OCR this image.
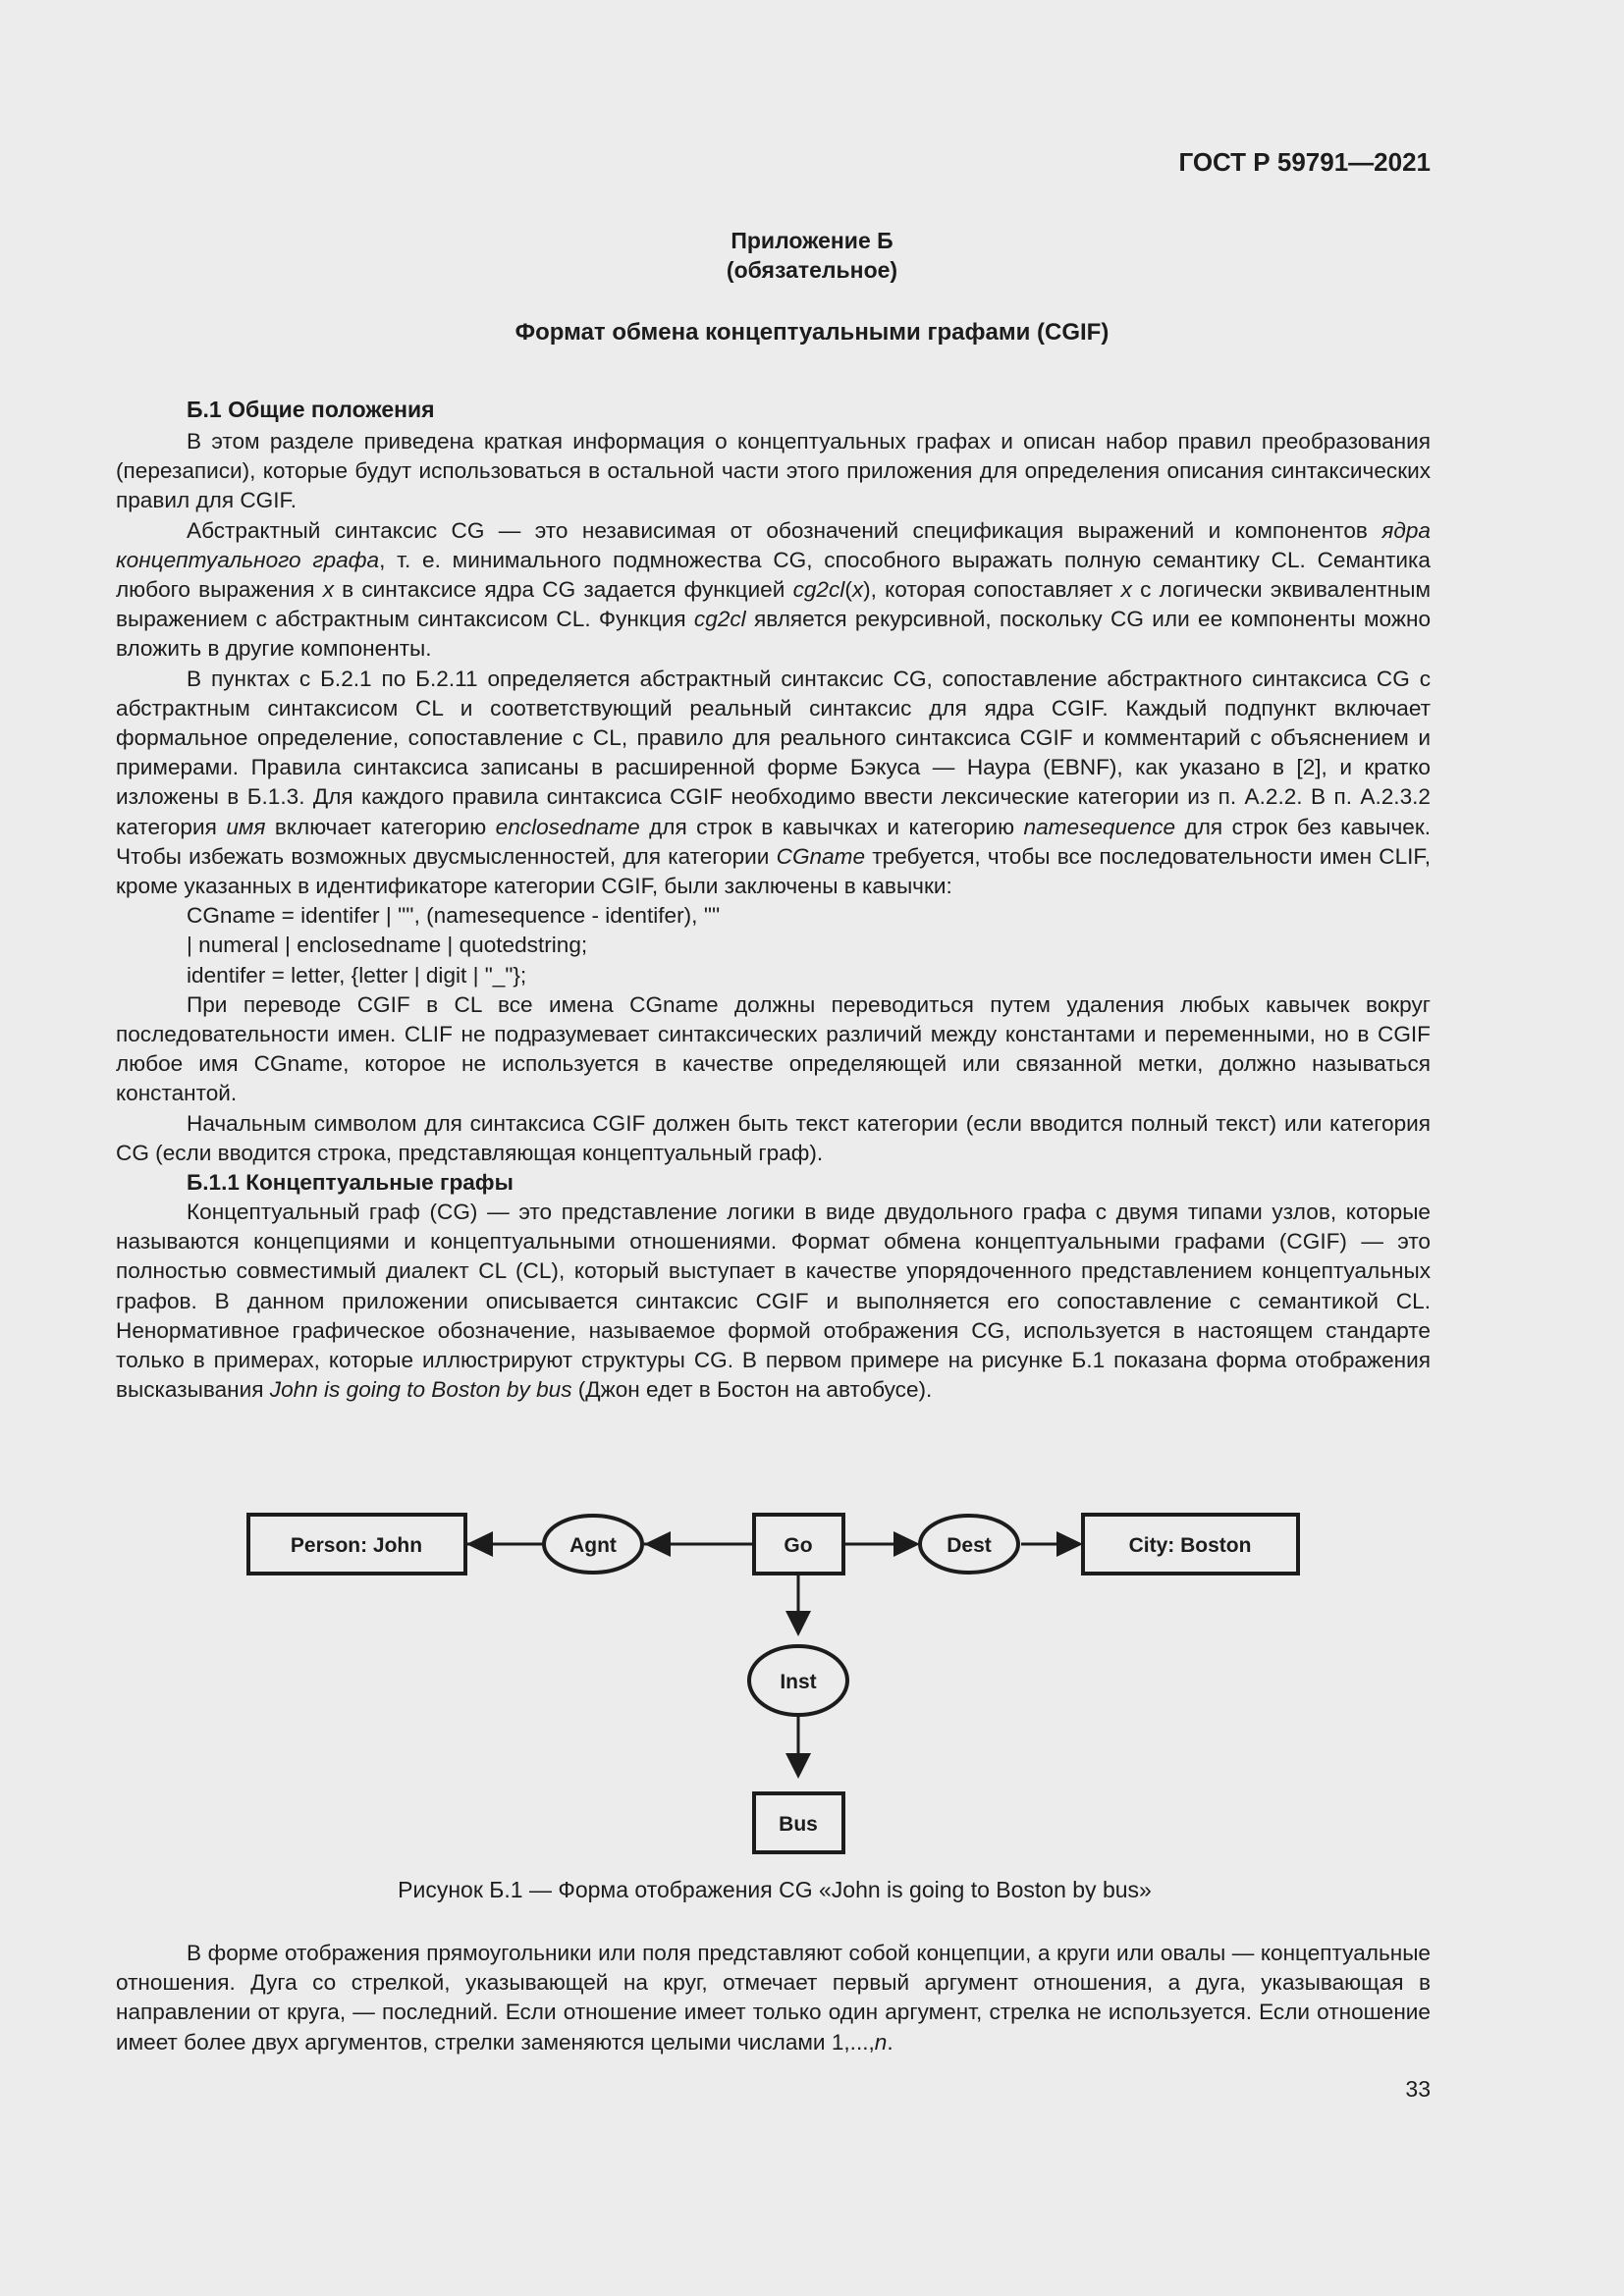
ГОСТ Р 59791—2021
Приложение Б
(обязательное)
Формат обмена концептуальными графами (CGIF)
Б.1 Общие положения

В этом разделе приведена краткая информация о концептуальных графах и описан набор правил преобразования (перезаписи), которые будут использоваться в остальной части этого приложения для определения описания синтаксических правил для CGIF.

Абстрактный синтаксис CG — это независимая от обозначений спецификация выражений и компонентов ядра концептуального графа, т. е. минимального подмножества CG, способного выражать полную семантику CL. Семантика любого выражения x в синтаксисе ядра CG задается функцией cg2cl(x), которая сопоставляет x с логически эквивалентным выражением с абстрактным синтаксисом CL. Функция cg2cl является рекурсивной, поскольку CG или ее компоненты можно вложить в другие компоненты.

В пунктах с Б.2.1 по Б.2.11 определяется абстрактный синтаксис CG, сопоставление абстрактного синтаксиса CG с абстрактным синтаксисом CL и соответствующий реальный синтаксис для ядра CGIF. Каждый подпункт включает формальное определение, сопоставление с CL, правило для реального синтаксиса CGIF и комментарий с объяснением и примерами. Правила синтаксиса записаны в расширенной форме Бэкуса — Наура (EBNF), как указано в [2], и кратко изложены в Б.1.3. Для каждого правила синтаксиса CGIF необходимо ввести лексические категории из п. А.2.2. В п. А.2.3.2 категория имя включает категорию enclosedname для строк в кавычках и категорию namesequence для строк без кавычек. Чтобы избежать возможных двусмысленностей, для категории CGname требуется, чтобы все последовательности имен CLIF, кроме указанных в идентификаторе категории CGIF, были заключены в кавычки:

CGname = identifer | '"', (namesequence - identifer), '"'
| numeral | enclosedname | quotedstring;
identifer = letter, {letter | digit | "_"};

При переводе CGIF в CL все имена CGname должны переводиться путем удаления любых кавычек вокруг последовательности имен. CLIF не подразумевает синтаксических различий между константами и переменными, но в CGIF любое имя CGname, которое не используется в качестве определяющей или связанной метки, должно называться константой.

Начальным символом для синтаксиса CGIF должен быть текст категории (если вводится полный текст) или категория CG (если вводится строка, представляющая концептуальный граф).

Б.1.1 Концептуальные графы

Концептуальный граф (CG) — это представление логики в виде двудольного графа с двумя типами узлов, которые называются концепциями и концептуальными отношениями. Формат обмена концептуальными графами (CGIF) — это полностью совместимый диалект CL (CL), который выступает в качестве упорядоченного представлением концептуальных графов. В данном приложении описывается синтаксис CGIF и выполняется его сопоставление с семантикой CL. Ненормативное графическое обозначение, называемое формой отображения CG, используется в настоящем стандарте только в примерах, которые иллюстрируют структуры CG. В первом примере на рисунке Б.1 показана форма отображения высказывания John is going to Boston by bus (Джон едет в Бостон на автобусе).

Person: John	Go	City: Boston
Bus
Agnt	Dest
Inst
Рисунок Б.1 — Форма отображения CG «John is going to Boston by bus»

В форме отображения прямоугольники или поля представляют собой концепции, а круги или овалы — концептуальные отношения. Дуга со стрелкой, указывающей на круг, отмечает первый аргумент отношения, а дуга, указывающая в направлении от круга, — последний. Если отношение имеет только один аргумент, стрелка не используется. Если отношение имеет более двух аргументов, стрелки заменяются целыми числами 1,...,n.

33
